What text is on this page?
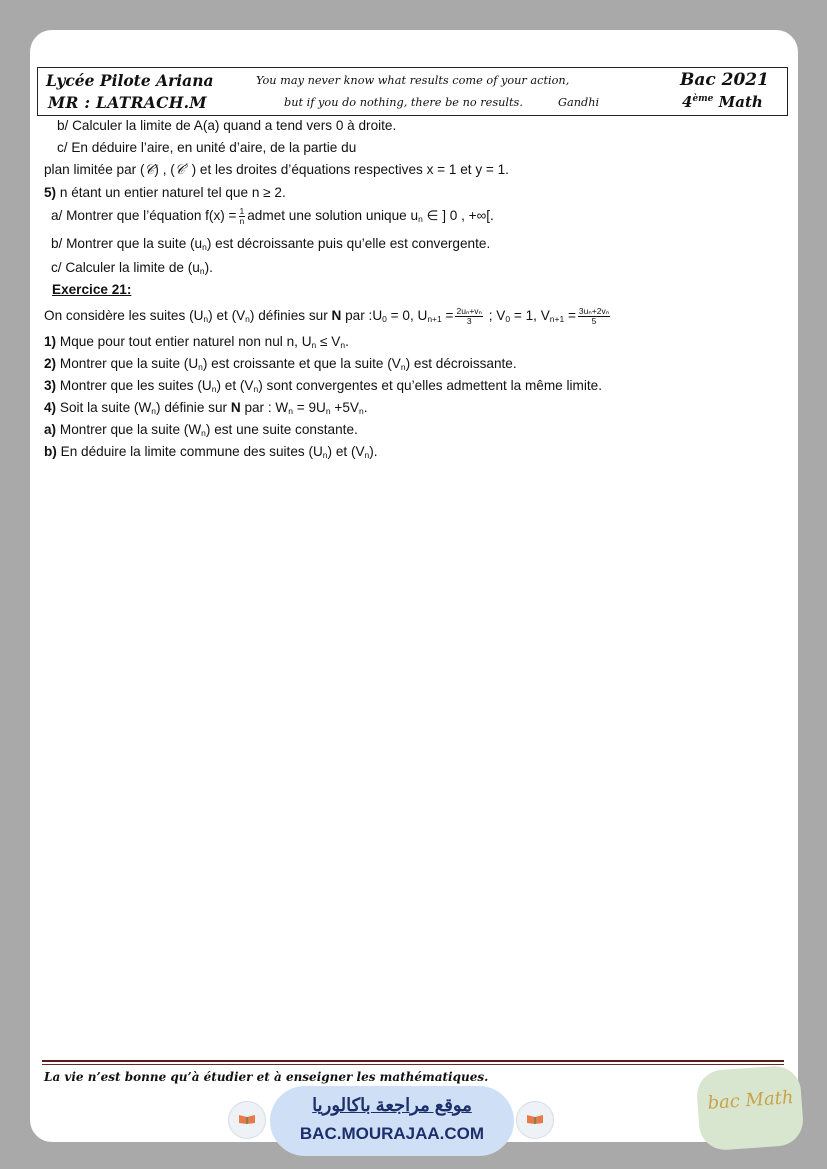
Lycée Pilote Ariana
MR : LATRACH.M
You may never know what results come of your action,
but if you do nothing, there be no results.	Gandhi
Bac 2021
4ème Math
b/ Calculer la limite de A(a) quand a tend vers 0 à droite.
c/ En déduire l’aire, en unité d’aire, de la partie du
plan limitée par (𝒞) , (𝒞′ ) et les droites d’équations respectives x = 1 et y = 1.
5) n étant un entier naturel tel que n ≥ 2.
a/ Montrer que l’équation $f(x) = \frac{1}{n}$ admet une solution unique $u_n$ ∈ ] 0 , +∞[.
b/ Montrer que la suite $(u_n)$ est décroissante puis qu’elle est convergente.
c/ Calculer la limite de $(u_n)$.
Exercice 21:
On considère les suites $(U_n)$ et $(V_n)$ définies sur N par $:U_0 = 0$, $U_{n+1} = \frac{\text{2uₙ+vₙ}}{3}$ ; $V_0 = 1$, $V_{n+1} = \frac{\text{3uₙ+2vₙ}}{5}$
1) Mque pour tout entier naturel non nul n, $U_n \le V_n$.
2) Montrer que la suite $(U_n)$ est croissante et que la suite $(V_n)$ est décroissante.
3) Montrer que les suites $(U_n)$ et $(V_n)$ sont convergentes et qu’elles admettent la même limite.
4) Soit la suite $(W_n)$ définie sur N par : $W_n = 9U_n +5V_n$.
a) Montrer que la suite $(W_n)$ est une suite constante.
b) En déduire la limite commune des suites $(U_n)$ et $(V_n)$.
La vie n’est bonne qu’à étudier et à enseigner les mathématiques.
موقع مراجعة باكالوريا
BAC.MOURAJAA.COM
bac Math
